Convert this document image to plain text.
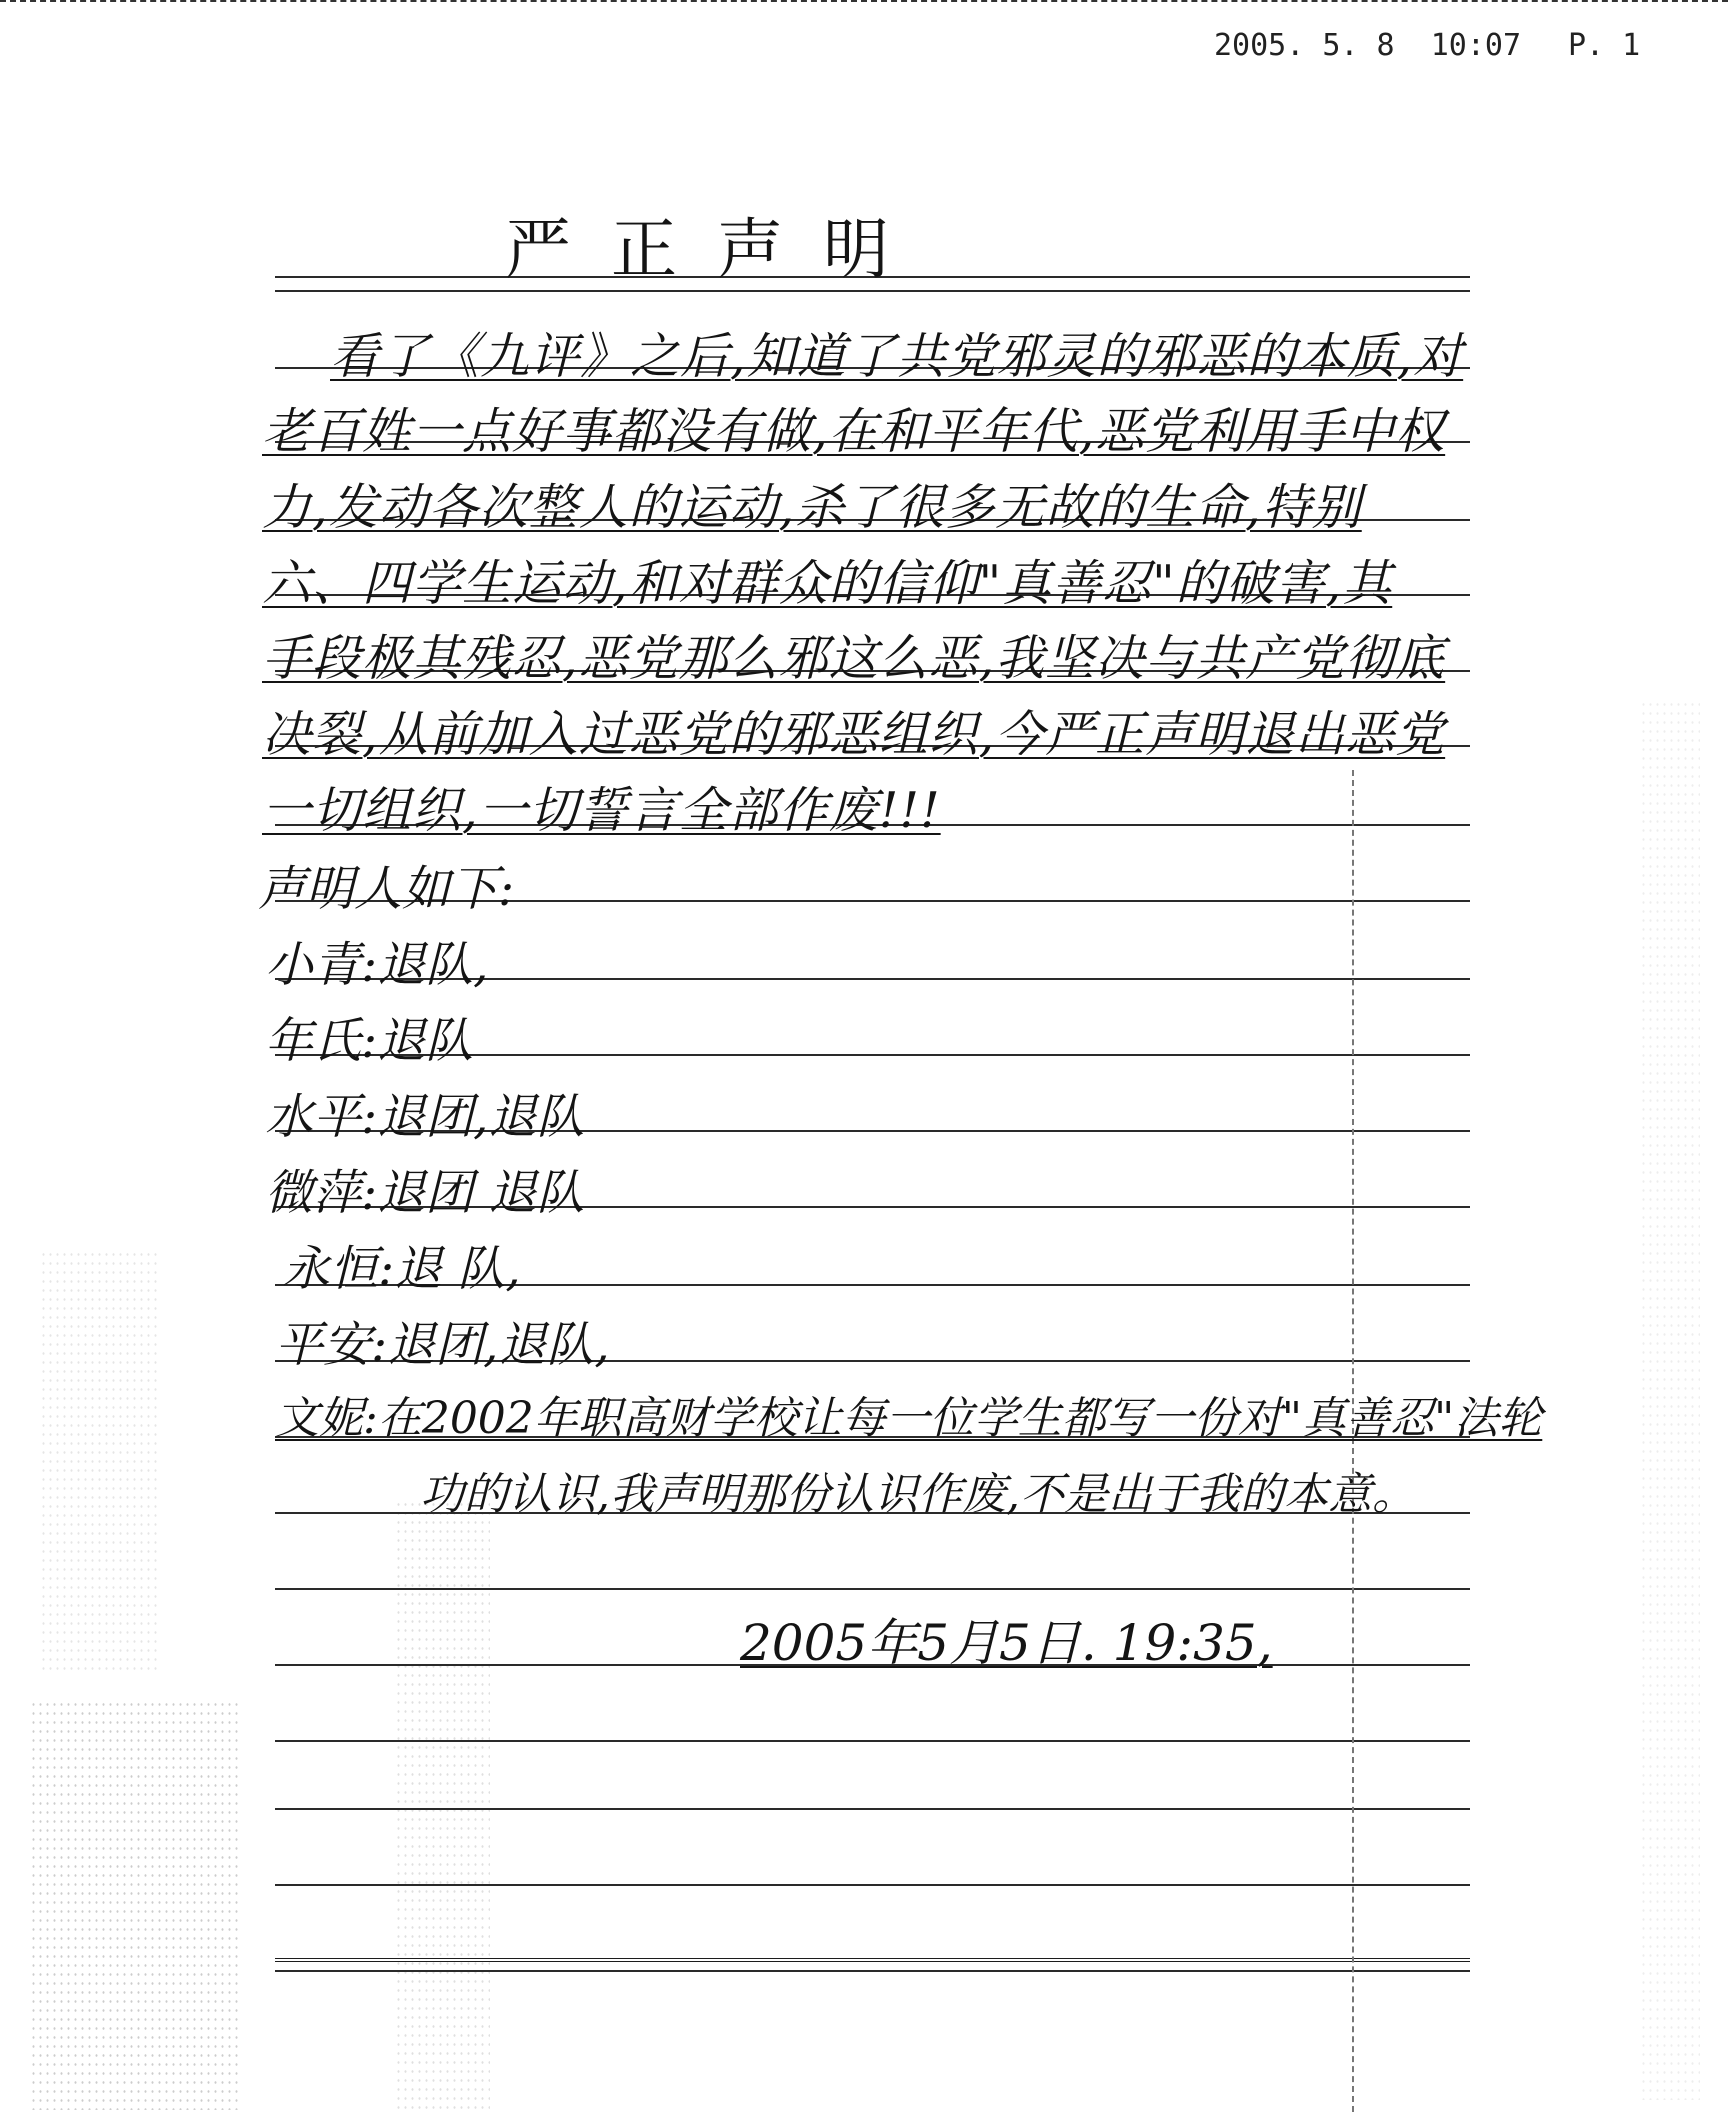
2005. 5. 8  10:07

P. 1

严正声明
看了《九评》之后,知道了共党邪灵的邪恶的本质,对
老百姓一点好事都没有做,在和平年代,恶党利用手中权
力,发动各次整人的运动,杀了很多无故的生命,特别
六、四学生运动,和对群众的信仰"真善忍"的破害,其
手段极其残忍,恶党那么邪这么恶,我坚决与共产党彻底
决裂,从前加入过恶党的邪恶组织,今严正声明退出恶党
一切组织,一切誓言全部作废!!!
声明人如下:
小青:退队,
年氏:退队
水平:退团,退队
微萍:退团 退队
永恒:退 队,
平安:退团,退队,
文妮:在2002年职高财学校让每一位学生都写一份对"真善忍"法轮
功的认识,我声明那份认识作废,不是出于我的本意。
2005年5月5日. 19:35,
